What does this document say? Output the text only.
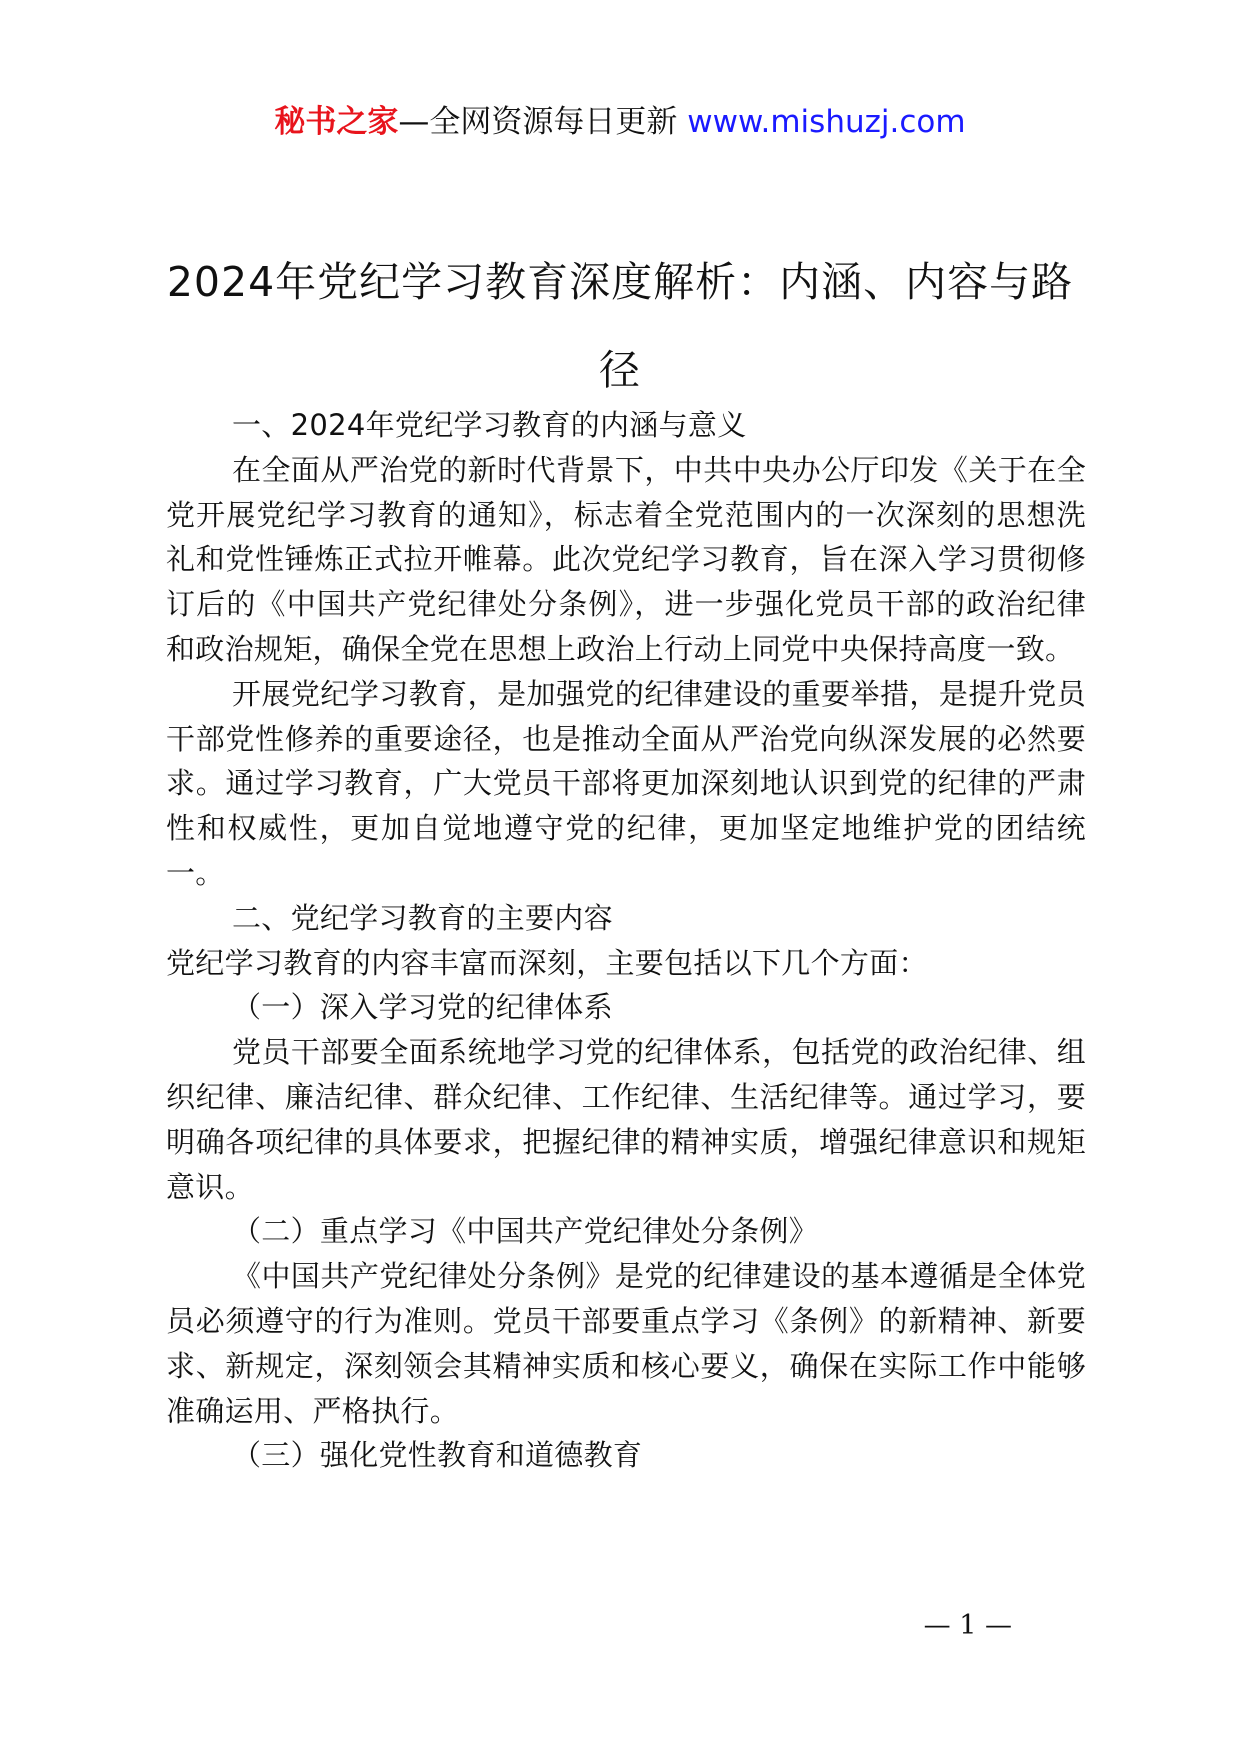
秘书之家—全网资源每日更新 www.mishuzj.com
2024年党纪学习教育深度解析：内涵、内容与路径

一、2024年党纪学习教育的内涵与意义

在全面从严治党的新时代背景下，中共中央办公厅印发《关于在全党开展党纪学习教育的通知》，标志着全党范围内的一次深刻的思想洗礼和党性锤炼正式拉开帷幕。此次党纪学习教育，旨在深入学习贯彻修订后的《中国共产党纪律处分条例》，进一步强化党员干部的政治纪律和政治规矩，确保全党在思想上政治上行动上同党中央保持高度一致。

开展党纪学习教育，是加强党的纪律建设的重要举措，是提升党员干部党性修养的重要途径，也是推动全面从严治党向纵深发展的必然要求。通过学习教育，广大党员干部将更加深刻地认识到党的纪律的严肃性和权威性，更加自觉地遵守党的纪律，更加坚定地维护党的团结统一。

二、党纪学习教育的主要内容

党纪学习教育的内容丰富而深刻，主要包括以下几个方面：

（一）深入学习党的纪律体系

党员干部要全面系统地学习党的纪律体系，包括党的政治纪律、组织纪律、廉洁纪律、群众纪律、工作纪律、生活纪律等。通过学习，要明确各项纪律的具体要求，把握纪律的精神实质，增强纪律意识和规矩意识。

（二）重点学习《中国共产党纪律处分条例》

《中国共产党纪律处分条例》是党的纪律建设的基本遵循是全体党员必须遵守的行为准则。党员干部要重点学习《条例》的新精神、新要求、新规定，深刻领会其精神实质和核心要义，确保在实际工作中能够准确运用、严格执行。

（三）强化党性教育和道德教育

— 1 —
